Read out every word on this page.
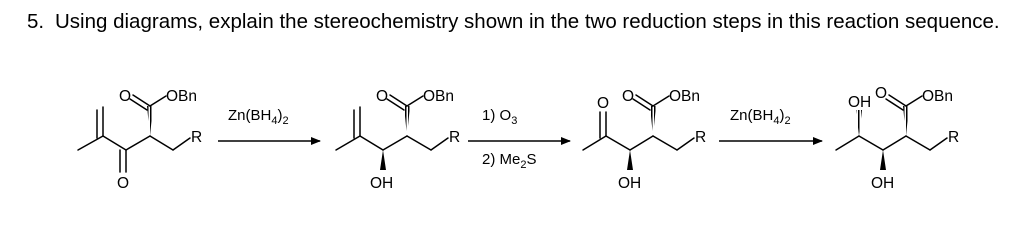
5. Using diagrams, explain the stereochemistry shown in the two reduction steps in this reaction sequence.
O
R
O OBn
$Zn(BH_4)_2$
OH
R
O OBn
1) $O_3$
2) $Me_2S$
O
OH
R
O OBn
$Zn(BH_4)_2$
OH
OH
R
O OBn
